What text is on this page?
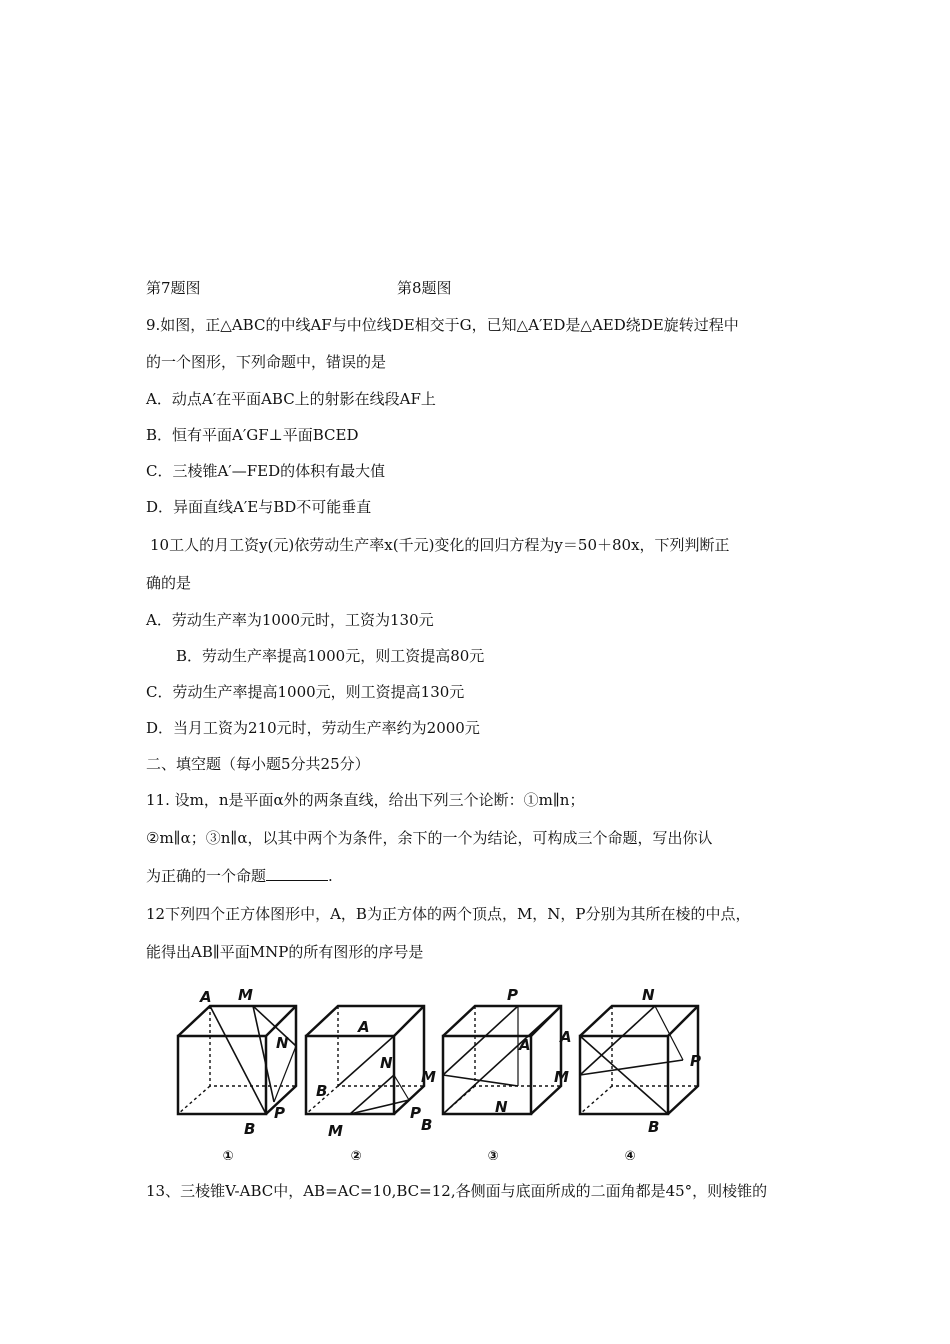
第7题图	第8题图
9.如图，正△ABC的中线AF与中位线DE相交于G，已知△A′ED是△AED绕DE旋转过程中
的一个图形，下列命题中，错误的是
A．动点A′在平面ABC上的射影在线段AF上
B．恒有平面A′GF⊥平面BCED
C．三棱锥A′—FED的体积有最大值
D．异面直线A′E与BD不可能垂直
10工人的月工资y(元)依劳动生产率x(千元)变化的回归方程为y＝50＋80x，下列判断正
确的是
A．劳动生产率为1000元时，工资为130元
B．劳动生产率提高1000元，则工资提高80元
C．劳动生产率提高1000元，则工资提高130元
D．当月工资为210元时，劳动生产率约为2000元
二、填空题（每小题5分共25分）
11. 设m，n是平面α外的两条直线，给出下列三个论断：①m∥n；
②m∥α；③n∥α，以其中两个为条件，余下的一个为结论，可构成三个命题，写出你认
为正确的一个命题	.
12下列四个正方体图形中，A，B为正方体的两个顶点，M，N，P分别为其所在棱的中点，
能得出AB∥平面MNP的所有图形的序号是
A M
N
B
P
①
A
N
B
M
P
②
P
A
M
B
N
③
N
A
M
P
B
④
13、三棱锥V-ABC中，AB=AC=10,BC=12,各侧面与底面所成的二面角都是45°，则棱锥的
